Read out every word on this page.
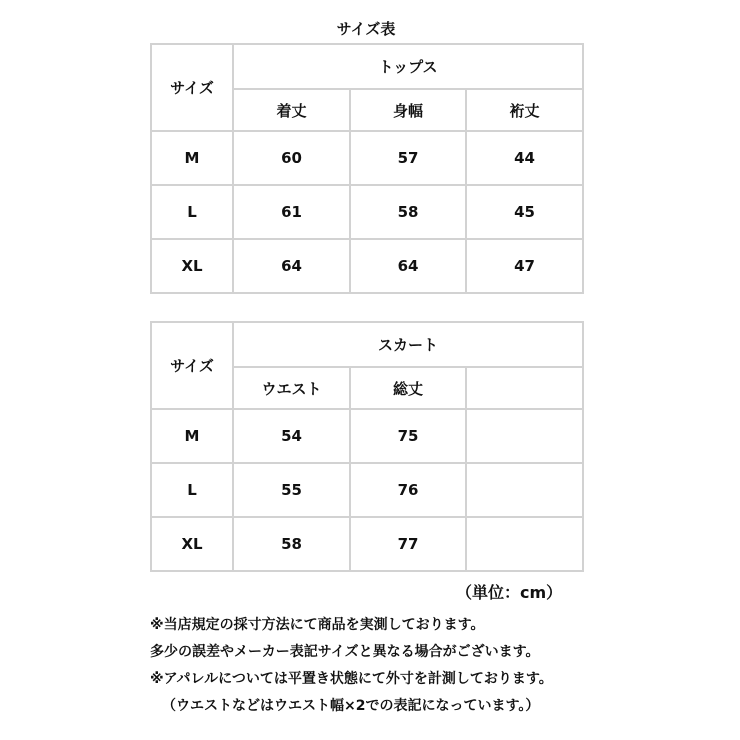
サイズ表
サイズ	トップス		
	着丈	身幅	裄丈
M	60	57	44
L	61	58	45
XL	64	64	47
サイズ	スカート		
	ウエスト	総丈	
M	54	75	
L	55	76	
XL	58	77	
（単位：cm）
※当店規定の採寸方法にて商品を実測しております。
多少の誤差やメーカー表記サイズと異なる場合がございます。
※アパレルについては平置き状態にて外寸を計測しております。
（ウエストなどはウエスト幅×2での表記になっています。）
